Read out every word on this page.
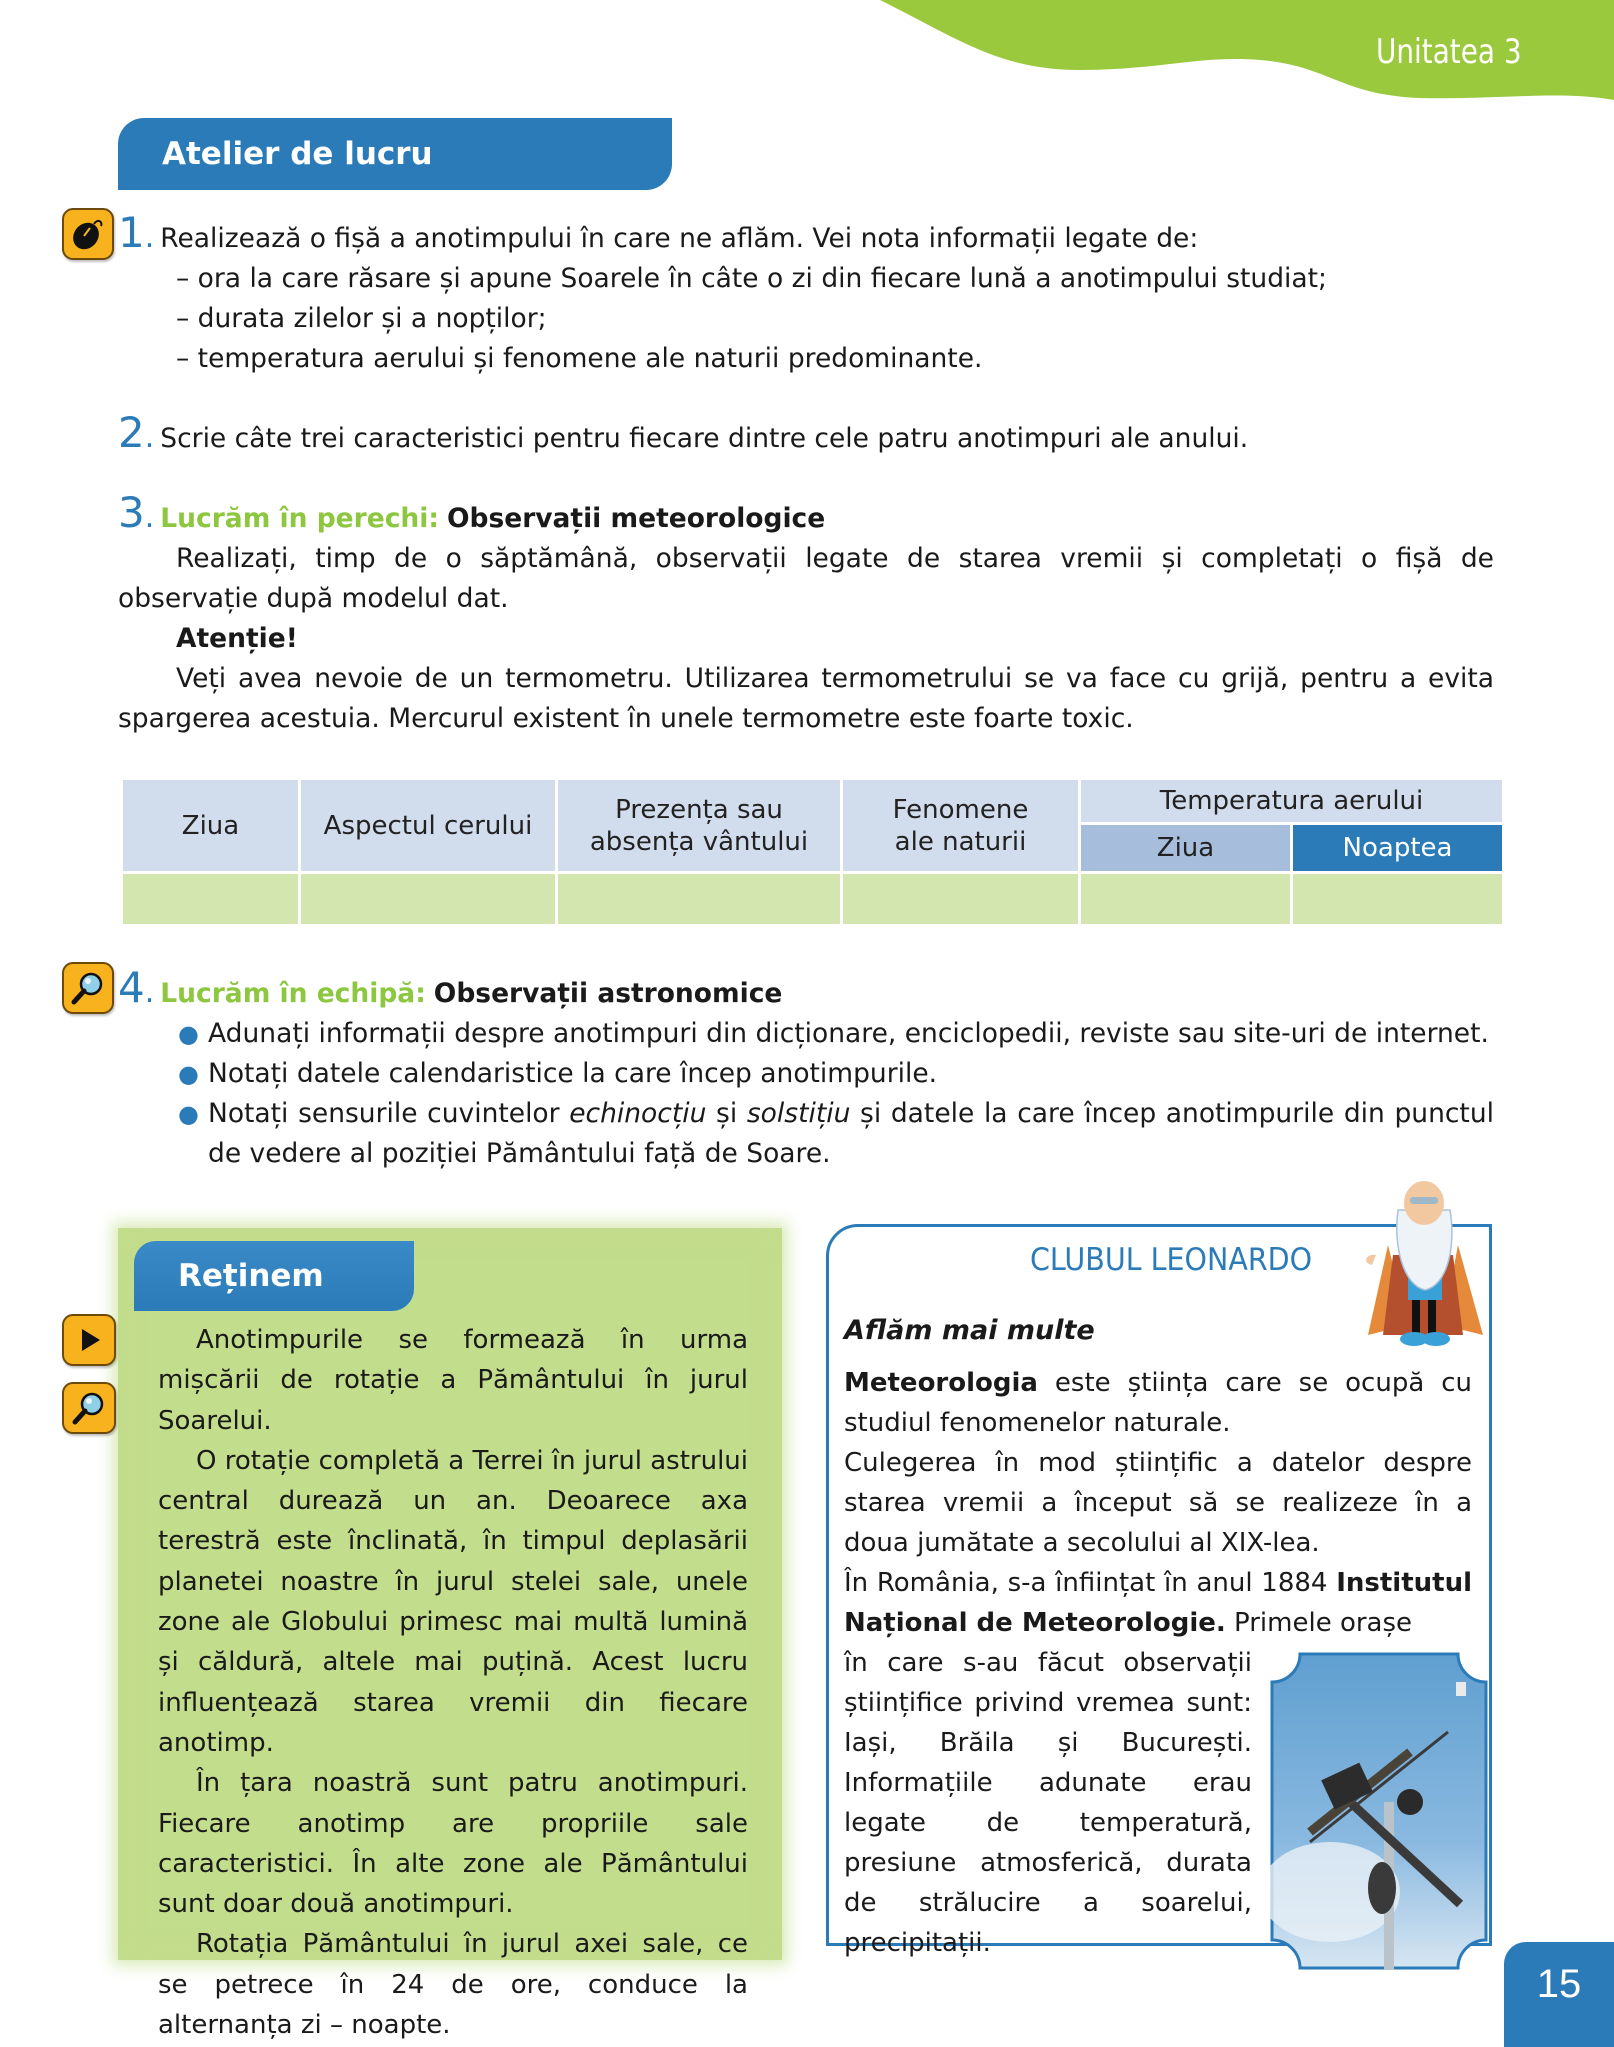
Unitatea 3
Atelier de lucru
1. Realizează o fișă a anotimpului în care ne aflăm. Vei nota informații legate de:
– ora la care răsare și apune Soarele în câte o zi din fiecare lună a anotimpului studiat;
– durata zilelor și a nopților;
– temperatura aerului și fenomene ale naturii predominante.
2. Scrie câte trei caracteristici pentru fiecare dintre cele patru anotimpuri ale anului.
3. Lucrăm în perechi: Observații meteorologice
Realizați, timp de o săptămână, observații legate de starea vremii și completați o fișă de observație după modelul dat.
Atenție!
Veți avea nevoie de un termometru. Utilizarea termometrului se va face cu grijă, pentru a evita spargerea acestuia. Mercurul existent în unele termometre este foarte toxic.
Ziua	Aspectul cerului	Prezența sau absența vântului	Fenomene ale naturii	Temperatura aerului	
				Ziua	Noaptea

4. Lucrăm în echipă: Observații astronomice
● Adunați informații despre anotimpuri din dicționare, enciclopedii, reviste sau site-uri de internet.
● Notați datele calendaristice la care încep anotimpurile.
● Notați sensurile cuvintelor echinocțiu și solstițiu și datele la care încep anotimpurile din punctul de vedere al poziției Pământului față de Soare.
Reținem

Anotimpurile se formează în urma mișcării de rotație a Pământului în jurul Soarelui.

O rotație completă a Terrei în jurul astrului central durează un an. Deoarece axa terestră este înclinată, în timpul deplasării planetei noastre în jurul stelei sale, unele zone ale Globului primesc mai multă lumină și căldură, altele mai puțină. Acest lucru influențează starea vremii din fiecare anotimp.

În țara noastră sunt patru anotimpuri. Fiecare anotimp are propriile sale caracteristici. În alte zone ale Pământului sunt doar două anotimpuri.

Rotația Pământului în jurul axei sale, ce se petrece în 24 de ore, conduce la alternanța zi – noapte.

CLUBUL LEONARDO
Aflăm mai multe

Meteorologia este știința care se ocupă cu studiul fenomenelor naturale.

Culegerea în mod științific a datelor despre starea vremii a început să se realizeze în a doua jumătate a secolului al XIX-lea.

În România, s-a înființat în anul 1884 Institutul Național de Meteorologie. Primele orașe

în care s-au făcut observații științifice privind vremea sunt: Iași, Brăila și București. Informațiile adunate erau legate de temperatură, presiune atmosferică, durata de strălucire a soarelui, precipitații.
15
